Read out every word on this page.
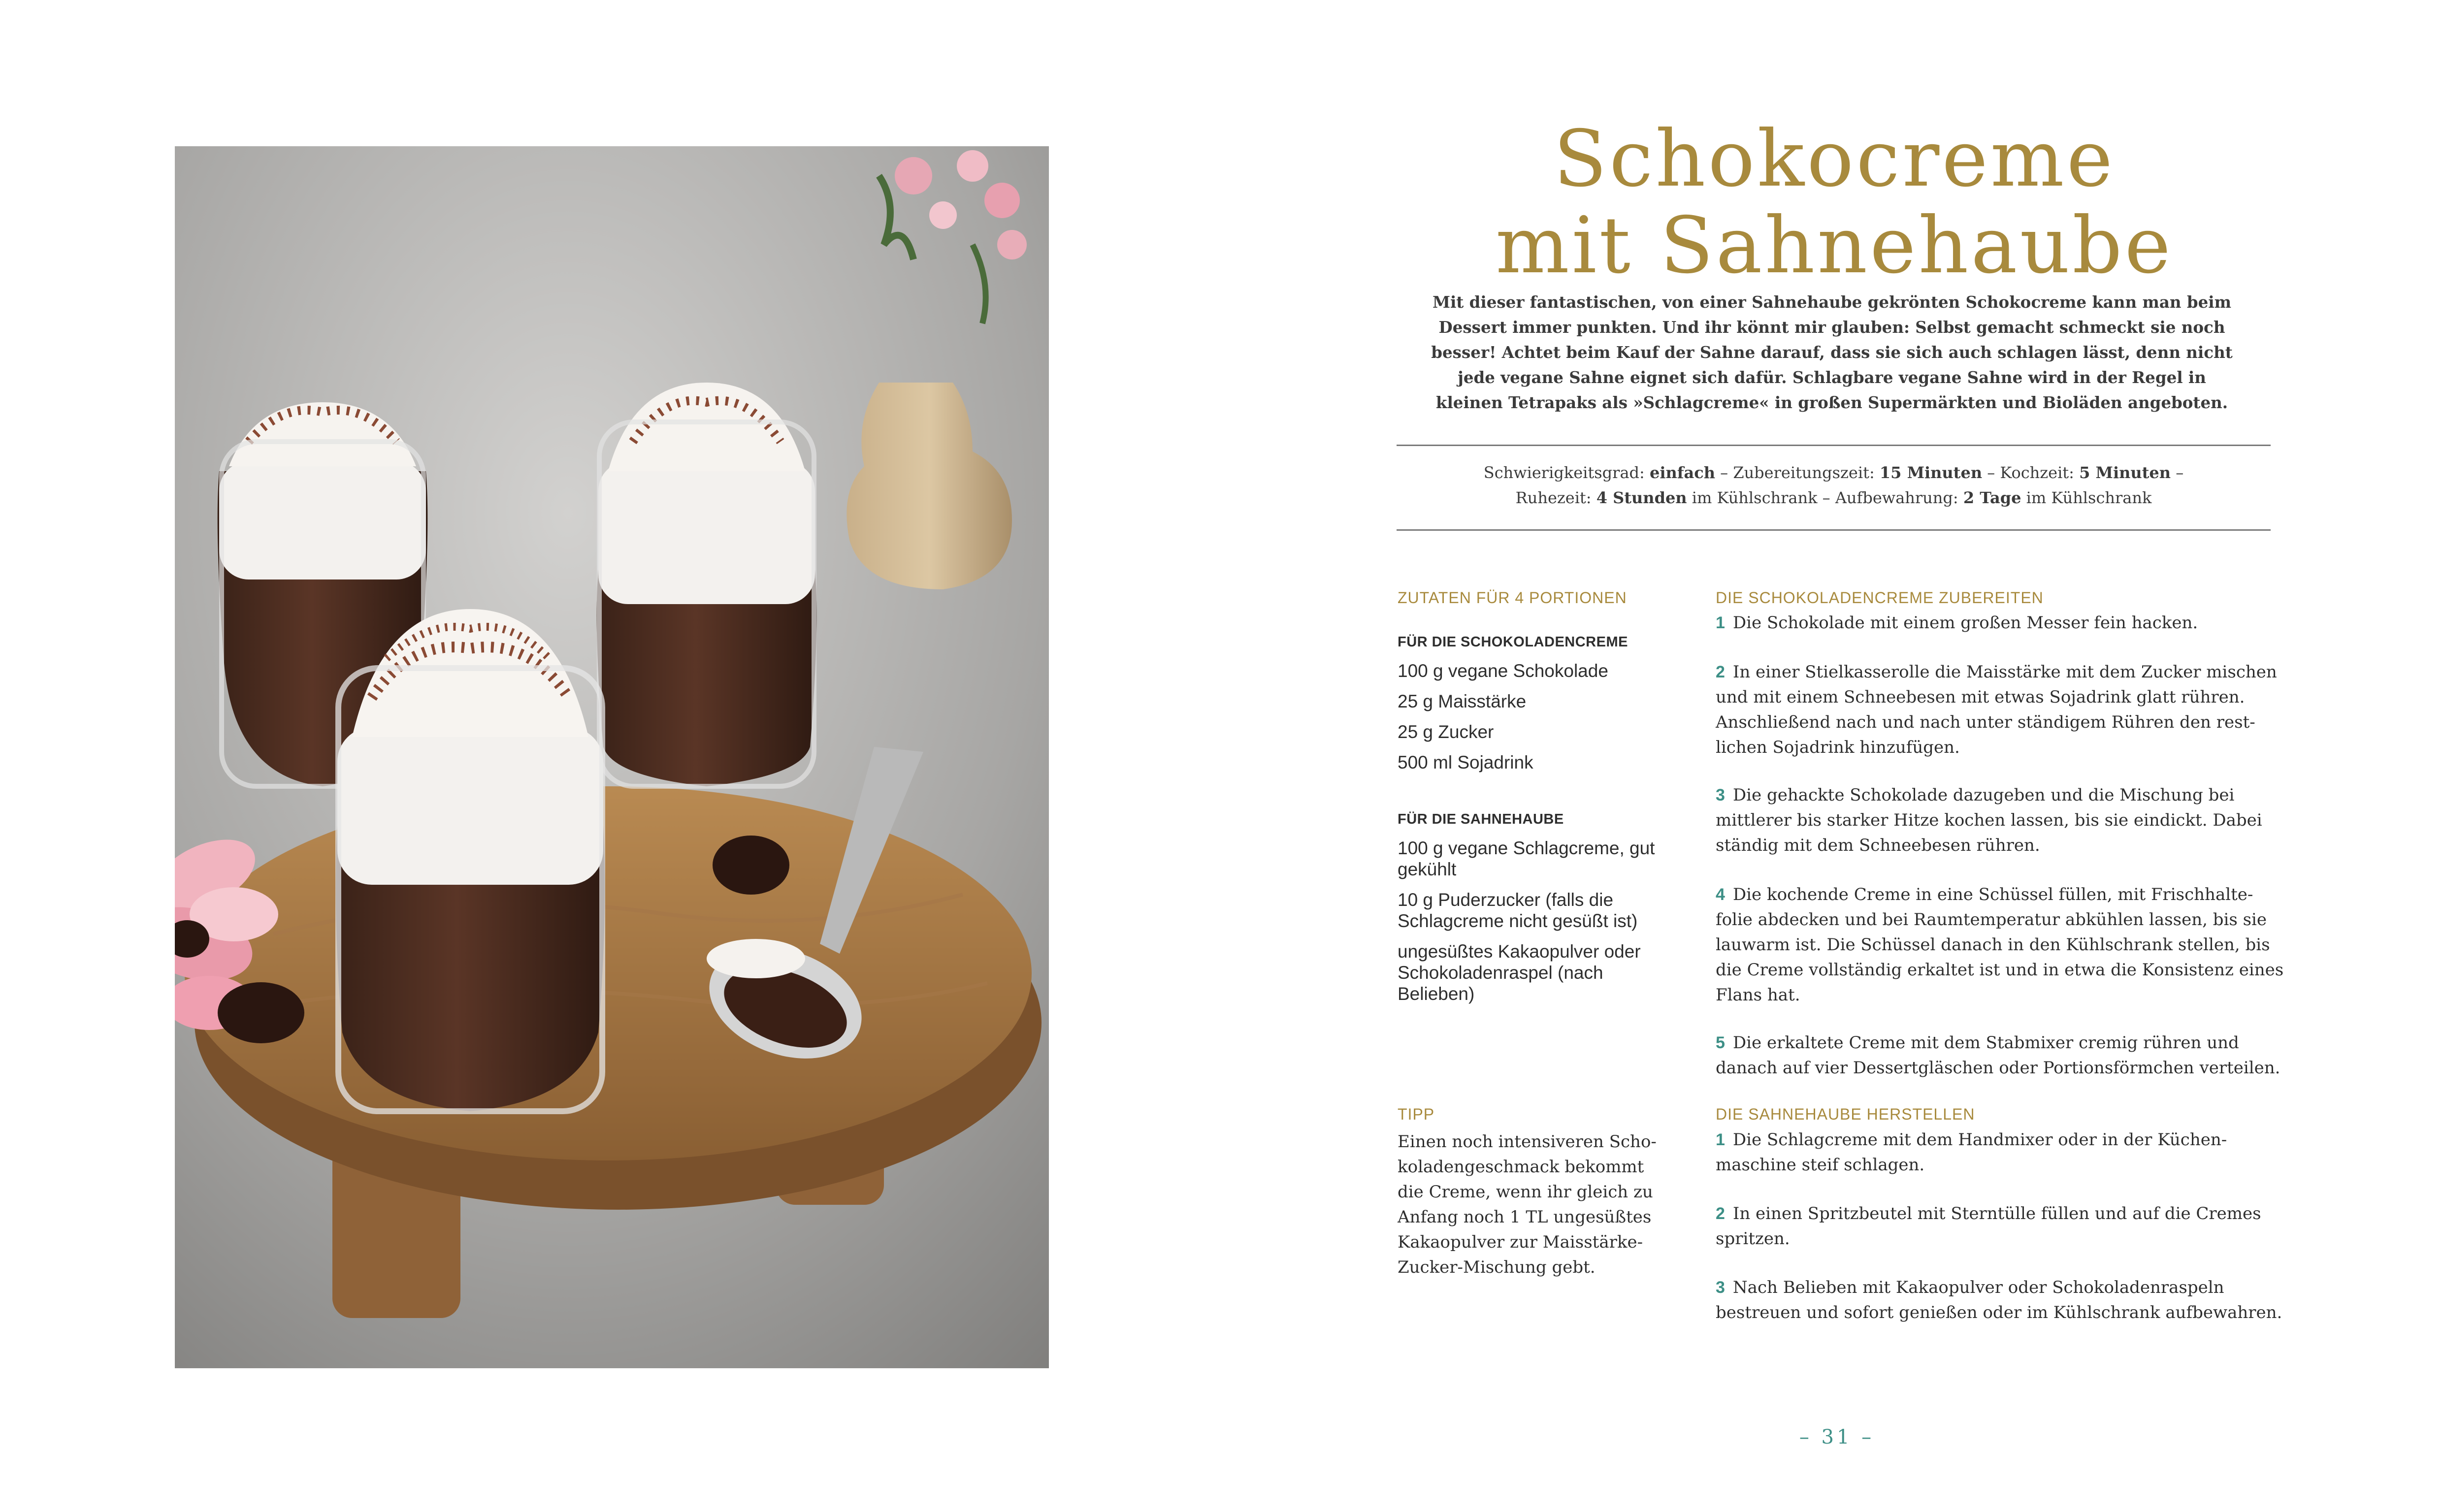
Schokocreme
mit Sahnehaube
Mit dieser fantastischen, von einer Sahnehaube gekrönten Schokocreme kann man beim
Dessert immer punkten. Und ihr könnt mir glauben: Selbst gemacht schmeckt sie noch
besser! Achtet beim Kauf der Sahne darauf, dass sie sich auch schlagen lässt, denn nicht
jede vegane Sahne eignet sich dafür. Schlagbare vegane Sahne wird in der Regel in
kleinen Tetrapaks als »Schlagcreme« in großen Supermärkten und Bioläden angeboten.
Schwierigkeitsgrad: einfach – Zubereitungszeit: 15 Minuten – Kochzeit: 5 Minuten –
Ruhezeit: 4 Stunden im Kühlschrank – Aufbewahrung: 2 Tage im Kühlschrank
ZUTATEN FÜR 4 PORTIONEN
FÜR DIE SCHOKOLADENCREME
100 g vegane Schokolade
25 g Maisstärke
25 g Zucker
500 ml Sojadrink
FÜR DIE SAHNEHAUBE
100 g vegane Schlagcreme, gut
gekühlt
10 g Puderzucker (falls die
Schlagcreme nicht gesüßt ist)
ungesüßtes Kakaopulver oder
Schokoladenraspel (nach
Belieben)
TIPP
Einen noch intensiveren Scho-
koladengeschmack bekommt
die Creme, wenn ihr gleich zu
Anfang noch 1 TL ungesüßtes
Kakaopulver zur Maisstärke-
Zucker-Mischung gebt.
DIE SCHOKOLADENCREME ZUBEREITEN
1 Die Schokolade mit einem großen Messer fein hacken.
2 In einer Stielkasserolle die Maisstärke mit dem Zucker mischen
und mit einem Schneebesen mit etwas Sojadrink glatt rühren.
Anschließend nach und nach unter ständigem Rühren den rest-
lichen Sojadrink hinzufügen.
3 Die gehackte Schokolade dazugeben und die Mischung bei
mittlerer bis starker Hitze kochen lassen, bis sie eindickt. Dabei
ständig mit dem Schneebesen rühren.
4 Die kochende Creme in eine Schüssel füllen, mit Frischhalte-
folie abdecken und bei Raumtemperatur abkühlen lassen, bis sie
lauwarm ist. Die Schüssel danach in den Kühlschrank stellen, bis
die Creme vollständig erkaltet ist und in etwa die Konsistenz eines
Flans hat.
5 Die erkaltete Creme mit dem Stabmixer cremig rühren und
danach auf vier Dessertgläschen oder Portionsförmchen verteilen.
DIE SAHNEHAUBE HERSTELLEN
1 Die Schlagcreme mit dem Handmixer oder in der Küchen-
maschine steif schlagen.
2 In einen Spritzbeutel mit Sterntülle füllen und auf die Cremes
spritzen.
3 Nach Belieben mit Kakaopulver oder Schokoladenraspeln
bestreuen und sofort genießen oder im Kühlschrank aufbewahren.
– 31 –
